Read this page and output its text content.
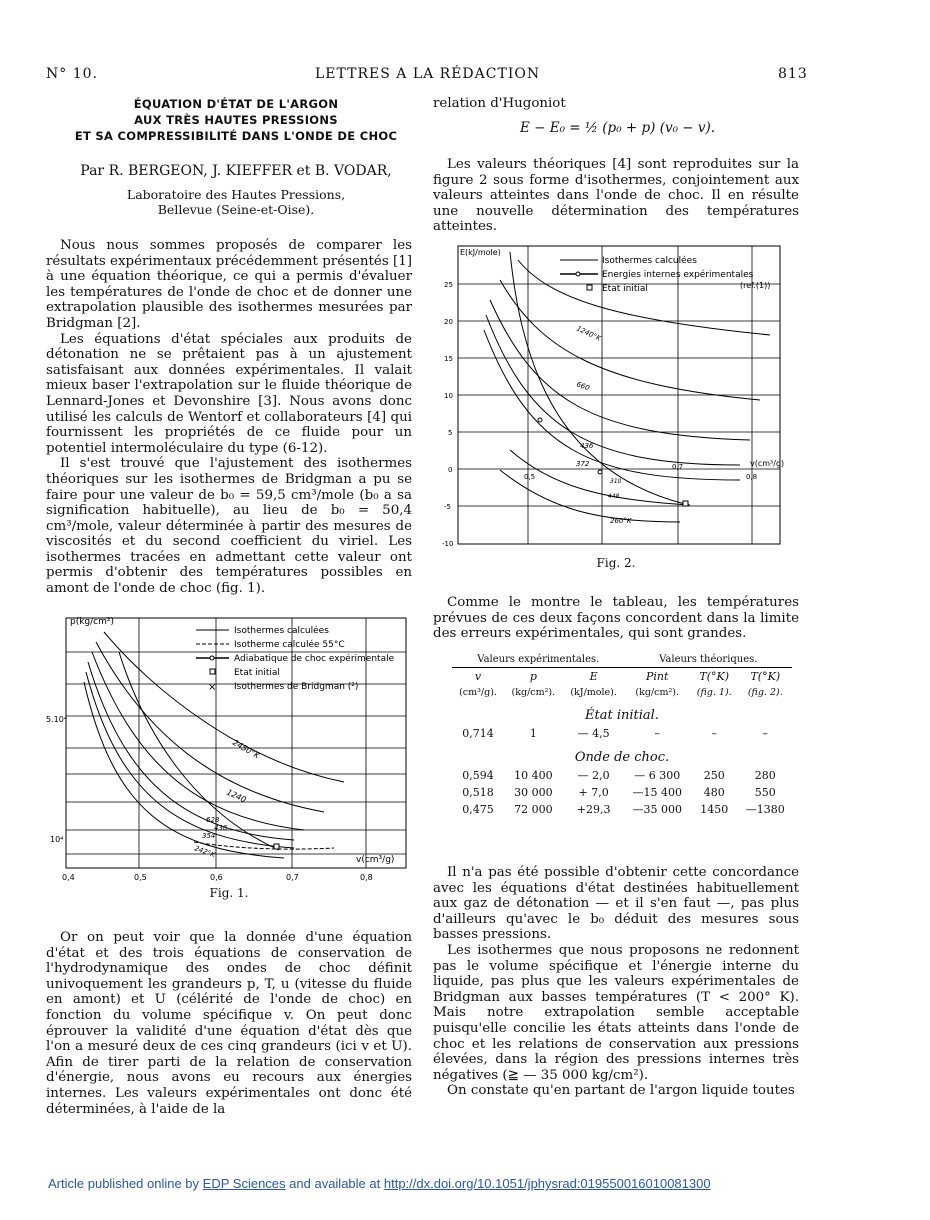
N° 10.	LETTRES A LA RÉDACTION	813
ÉQUATION D'ÉTAT DE L'ARGON
AUX TRÈS HAUTES PRESSIONS
ET SA COMPRESSIBILITÉ DANS L'ONDE DE CHOC
Par R. BERGEON, J. KIEFFER et B. VODAR,
Laboratoire des Hautes Pressions,
Bellevue (Seine-et-Oise).

Nous nous sommes proposés de comparer les résultats expérimentaux précédemment présentés [1] à une équation théorique, ce qui a permis d'évaluer les températures de l'onde de choc et de donner une extrapolation plausible des isothermes mesurées par Bridgman [2].

Les équations d'état spéciales aux produits de détonation ne se prêtaient pas à un ajustement satisfaisant aux données expérimentales. Il valait mieux baser l'extrapolation sur le fluide théorique de Lennard-Jones et Devonshire [3]. Nous avons donc utilisé les calculs de Wentorf et collaborateurs [4] qui fournissent les propriétés de ce fluide pour un potentiel intermoléculaire du type (6-12).

Il s'est trouvé que l'ajustement des isothermes théoriques sur les isothermes de Bridgman a pu se faire pour une valeur de b₀ = 59,5 cm³/mole (b₀ a sa signification habituelle), au lieu de b₀ = 50,4 cm³/mole, valeur déterminée à partir des mesures de viscosités et du second coefficient du viriel. Les isothermes tracées en admettant cette valeur ont permis d'obtenir des températures possibles en amont de l'onde de choc (fig. 1).

Isothermes calculées
Isotherme calculée 55°C
Adiabatique de choc expérimentale
Etat initial
× Isothermes de Bridgman (²)
p(kg/cm²)
v(cm³/g)
5.10⁴
10⁴
0,4	0,5	0,6	0,7	0,8
2450°K
1240
628
436
354
242°K
Fig. 1.

Or on peut voir que la donnée d'une équation d'état et des trois équations de conservation de l'hydrodynamique des ondes de choc définit univoquement les grandeurs p, T, u (vitesse du fluide en amont) et U (célérité de l'onde de choc) en fonction du volume spécifique v. On peut donc éprouver la validité d'une équation d'état dès que l'on a mesuré deux de ces cinq grandeurs (ici v et U). Afin de tirer parti de la relation de conservation d'énergie, nous avons eu recours aux énergies internes. Les valeurs expérimentales ont donc été déterminées, à l'aide de la

relation d'Hugoniot
E − E₀ = ½ (p₀ + p) (v₀ − v).

Les valeurs théoriques [4] sont reproduites sur la figure 2 sous forme d'isothermes, conjointement aux valeurs atteintes dans l'onde de choc. Il en résulte une nouvelle détermination des températures atteintes.

Isothermes calculées
Energies internes expérimentales
Etat initial	(ref.(1))
E(kJ/mole)
v(cm³/g)
25
20
15
10
5
0
-5
-10
0,5
0,7
0,8
1240°K
660
436
372
310
448
260°K
Fig. 2.

Comme le montre le tableau, les températures prévues de ces deux façons concordent dans la limite des erreurs expérimentales, qui sont grandes.

Valeurs expérimentales.			Valeurs théoriques.		
v	p	E	Pint	T(°K)	T(°K)
(cm³/g).	(kg/cm²).	(kJ/mole).	(kg/cm²).	(fig. 1).	(fig. 2).
État initial.					
0,714	1	— 4,5	–	–	–
Onde de choc.					
0,594	10 400	— 2,0	— 6 300	250	280
0,518	30 000	+ 7,0	—15 400	480	550
0,475	72 000	+29,3	—35 000	1450	—1380

Il n'a pas été possible d'obtenir cette concordance avec les équations d'état destinées habituellement aux gaz de détonation — et il s'en faut —, pas plus d'ailleurs qu'avec le b₀ déduit des mesures sous basses pressions.

Les isothermes que nous proposons ne redonnent pas le volume spécifique et l'énergie interne du liquide, pas plus que les valeurs expérimentales de Bridgman aux basses températures (T < 200° K). Mais notre extrapolation semble acceptable puisqu'elle concilie les états atteints dans l'onde de choc et les relations de conservation aux pressions élevées, dans la région des pressions internes très négatives (≧ — 35 000 kg/cm²).

On constate qu'en partant de l'argon liquide toutes

Article published online by EDP Sciences and available at http://dx.doi.org/10.1051/jphysrad:019550016010081300
